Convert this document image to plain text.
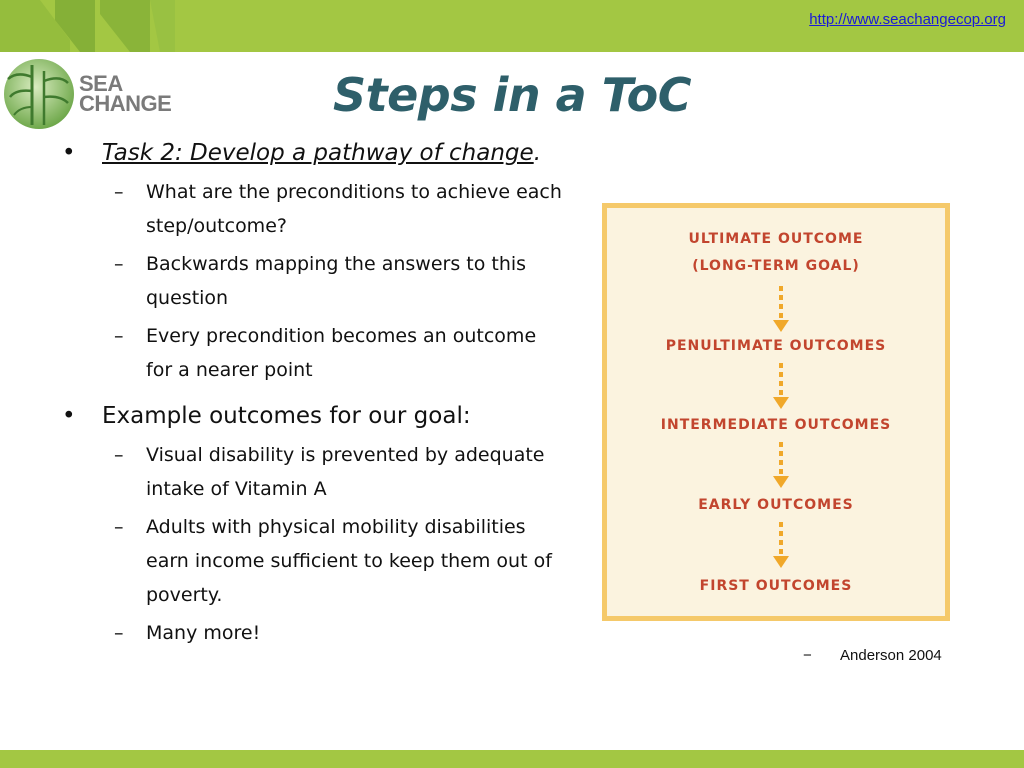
http://www.seachangecop.org
SEA
CHANGE	Steps in a ToC
• Task 2: Develop a pathway of change.
– What are the preconditions to achieve each step/outcome?
– Backwards mapping the answers to this question
– Every precondition becomes an outcome for a nearer point
• Example outcomes for our goal:
– Visual disability is prevented by adequate intake of Vitamin A
– Adults with physical mobility disabilities earn income sufficient to keep them out of poverty.
– Many more!
ULTIMATE OUTCOME
(LONG-TERM GOAL)
PENULTIMATE OUTCOMES
INTERMEDIATE OUTCOMES
EARLY OUTCOMES
FIRST OUTCOMES
− Anderson 2004
